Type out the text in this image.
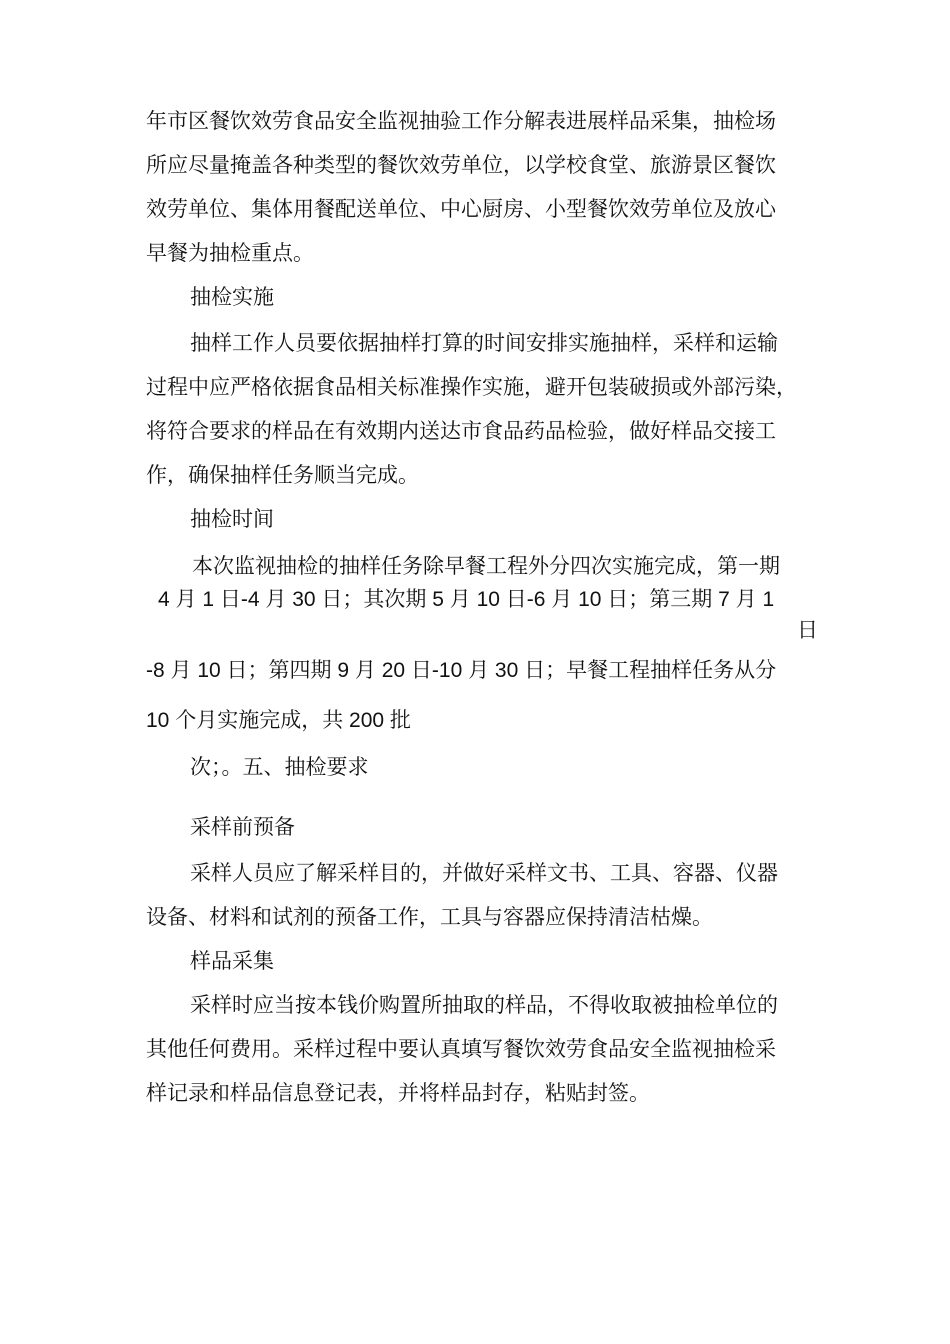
年市区餐饮效劳食品安全监视抽验工作分解表进展样品采集，抽检场
所应尽量掩盖各种类型的餐饮效劳单位，以学校食堂、旅游景区餐饮
效劳单位、集体用餐配送单位、中心厨房、小型餐饮效劳单位及放心
早餐为抽检重点。
抽检实施
抽样工作人员要依据抽样打算的时间安排实施抽样，采样和运输
过程中应严格依据食品相关标准操作实施，避开包装破损或外部污染，
将符合要求的样品在有效期内送达市食品药品检验，做好样品交接工
作，确保抽样任务顺当完成。
抽检时间
本次监视抽检的抽样任务除早餐工程外分四次实施完成，第一期
4 月 1 日-4 月 30 日；其次期 5 月 10 日-6 月 10 日；第三期 7 月 1
日
-8 月 10 日；第四期 9 月 20 日-10 月 30 日；早餐工程抽样任务从分
10 个月实施完成，共 200 批
次；。五、抽检要求
采样前预备
采样人员应了解采样目的，并做好采样文书、工具、容器、仪器
设备、材料和试剂的预备工作，工具与容器应保持清洁枯燥。
样品采集
采样时应当按本钱价购置所抽取的样品，不得收取被抽检单位的
其他任何费用。采样过程中要认真填写餐饮效劳食品安全监视抽检采
样记录和样品信息登记表，并将样品封存，粘贴封签。
